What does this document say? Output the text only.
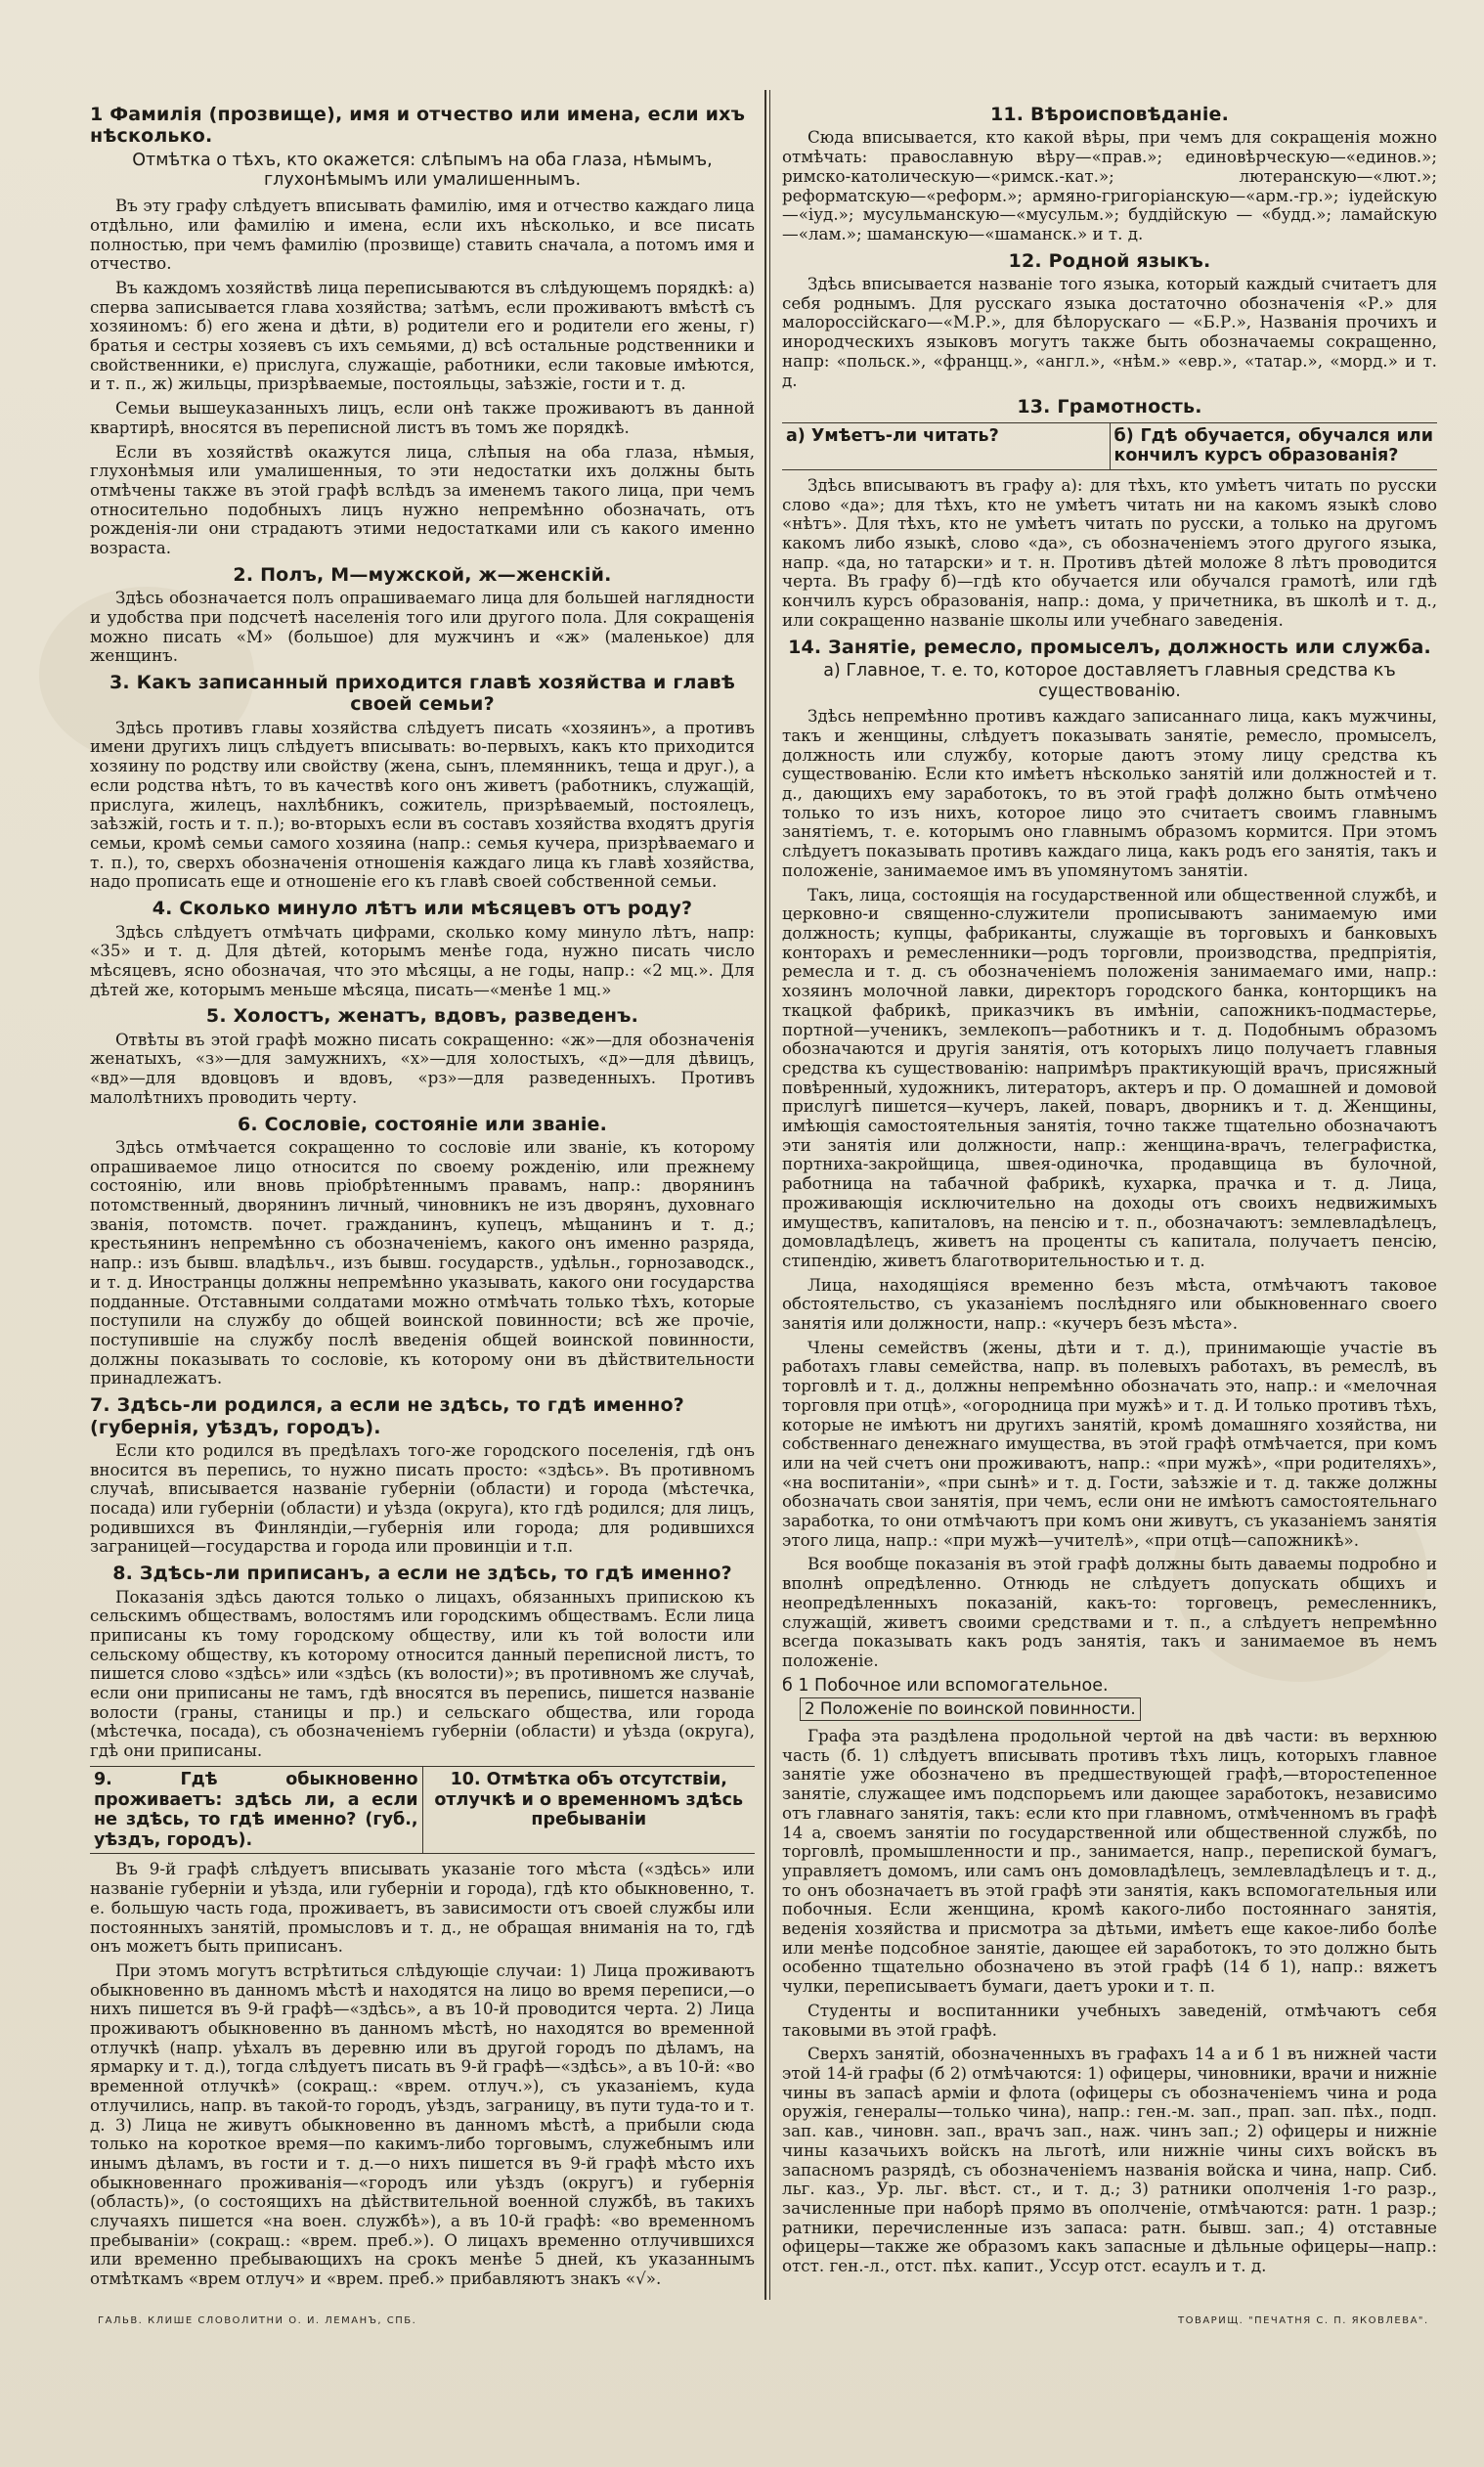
1 Фамилія (прозвище), имя и отчество или имена, если ихъ нѣсколько.
Отмѣтка о тѣхъ, кто окажется: слѣпымъ на оба глаза, нѣмымъ, глухонѣмымъ или умалишеннымъ.

Въ эту графу слѣдуетъ вписывать фамилію, имя и отчество каждаго лица отдѣльно, или фамилію и имена, если ихъ нѣсколько, и все писать полностью, при чемъ фамилію (прозвище) ставить сначала, а потомъ имя и отчество.

Въ каждомъ хозяйствѣ лица переписываются въ слѣдующемъ порядкѣ: а) сперва записывается глава хозяйства; затѣмъ, если проживаютъ вмѣстѣ съ хозяиномъ: б) его жена и дѣти, в) родители его и родители его жены, г) братья и сестры хозяевъ съ ихъ семьями, д) всѣ остальные родственники и свойственники, е) прислуга, служащіе, работники, если таковые имѣются, и т. п., ж) жильцы, призрѣваемые, постояльцы, заѣзжіе, гости и т. д.

Семьи вышеуказанныхъ лицъ, если онѣ также проживаютъ въ данной квартирѣ, вносятся въ переписной листъ въ томъ же порядкѣ.

Если въ хозяйствѣ окажутся лица, слѣпыя на оба глаза, нѣмыя, глухонѣмыя или умалишенныя, то эти недостатки ихъ должны быть отмѣчены также въ этой графѣ вслѣдъ за именемъ такого лица, при чемъ относительно подобныхъ лицъ нужно непремѣнно обозначать, отъ рожденія-ли они страдаютъ этими недостатками или съ какого именно возраста.

2. Полъ, М—мужской, ж—женскій.

Здѣсь обозначается полъ опрашиваемаго лица для большей наглядности и удобства при подсчетѣ населенія того или другого пола. Для сокращенія можно писать «М» (большое) для мужчинъ и «ж» (маленькое) для женщинъ.

3. Какъ записанный приходится главѣ хозяйства и главѣ своей семьи?

Здѣсь противъ главы хозяйства слѣдуетъ писать «хозяинъ», а противъ имени другихъ лицъ слѣдуетъ вписывать: во-первыхъ, какъ кто приходится хозяину по родству или свойству (жена, сынъ, племянникъ, теща и друг.), а если родства нѣтъ, то въ качествѣ кого онъ живетъ (работникъ, служащій, прислуга, жилецъ, нахлѣбникъ, сожитель, призрѣваемый, постоялецъ, заѣзжій, гость и т. п.); во-вторыхъ если въ составъ хозяйства входятъ другія семьи, кромѣ семьи самого хозяина (напр.: семья кучера, призрѣваемаго и т. п.), то, сверхъ обозначенія отношенія каждаго лица къ главѣ хозяйства, надо прописать еще и отношеніе его къ главѣ своей собственной семьи.

4. Сколько минуло лѣтъ или мѣсяцевъ отъ роду?

Здѣсь слѣдуетъ отмѣчать цифрами, сколько кому минуло лѣтъ, напр: «35» и т. д. Для дѣтей, которымъ менѣе года, нужно писать число мѣсяцевъ, ясно обозначая, что это мѣсяцы, а не годы, напр.: «2 мц.». Для дѣтей же, которымъ меньше мѣсяца, писать—«менѣе 1 мц.»

5. Холостъ, женатъ, вдовъ, разведенъ.

Отвѣты въ этой графѣ можно писать сокращенно: «ж»—для обозначенія женатыхъ, «з»—для замужнихъ, «х»—для холостыхъ, «д»—для дѣвицъ, «вд»—для вдовцовъ и вдовъ, «рз»—для разведенныхъ. Противъ малолѣтнихъ проводить черту.

6. Сословіе, состояніе или званіе.

Здѣсь отмѣчается сокращенно то сословіе или званіе, къ которому опрашиваемое лицо относится по своему рожденію, или прежнему состоянію, или вновь пріобрѣтеннымъ правамъ, напр.: дворянинъ потомственный, дворянинъ личный, чиновникъ не изъ дворянъ, духовнаго званія, потомств. почет. гражданинъ, купецъ, мѣщанинъ и т. д.; крестьянинъ непремѣнно съ обозначеніемъ, какого онъ именно разряда, напр.: изъ бывш. владѣльч., изъ бывш. государств., удѣльн., горнозаводск., и т. д. Иностранцы должны непремѣнно указывать, какого они государства подданные. Отставными солдатами можно отмѣчать только тѣхъ, которые поступили на службу до общей воинской повинности; всѣ же прочіе, поступившіе на службу послѣ введенія общей воинской повинности, должны показывать то сословіе, къ которому они въ дѣйствительности принадлежатъ.

7. Здѣсь-ли родился, а если не здѣсь, то гдѣ именно? (губернія, уѣздъ, городъ).

Если кто родился въ предѣлахъ того-же городского поселенія, гдѣ онъ вносится въ перепись, то нужно писать просто: «здѣсь». Въ противномъ случаѣ, вписывается названіе губерніи (области) и города (мѣстечка, посада) или губерніи (области) и уѣзда (округа), кто гдѣ родился; для лицъ, родившихся въ Финляндіи,—губернія или города; для родившихся заграницей—государства и города или провинціи и т.п.

8. Здѣсь-ли приписанъ, а если не здѣсь, то гдѣ именно?

Показанія здѣсь даются только о лицахъ, обязанныхъ припискою къ сельскимъ обществамъ, волостямъ или городскимъ обществамъ. Если лица приписаны къ тому городскому обществу, или къ той волости или сельскому обществу, къ которому относится данный переписной листъ, то пишется слово «здѣсь» или «здѣсь (къ волости)»; въ противномъ же случаѣ, если они приписаны не тамъ, гдѣ вносятся въ перепись, пишется названіе волости (граны, станицы и пр.) и сельскаго общества, или города (мѣстечка, посада), съ обозначеніемъ губерніи (области) и уѣзда (округа), гдѣ они приписаны.

9. Гдѣ обыкновенно проживаетъ: здѣсь ли, а если не здѣсь, то гдѣ именно? (губ., уѣздъ, городъ).
10. Отмѣтка объ отсутствіи, отлучкѣ и о временномъ здѣсь пребываніи

Въ 9-й графѣ слѣдуетъ вписывать указаніе того мѣста («здѣсь» или названіе губерніи и уѣзда, или губерніи и города), гдѣ кто обыкновенно, т. е. большую часть года, проживаетъ, въ зависимости отъ своей службы или постоянныхъ занятій, промысловъ и т. д., не обращая вниманія на то, гдѣ онъ можетъ быть приписанъ.

При этомъ могутъ встрѣтиться слѣдующіе случаи: 1) Лица проживаютъ обыкновенно въ данномъ мѣстѣ и находятся на лицо во время переписи,—о нихъ пишется въ 9-й графѣ—«здѣсь», а въ 10-й проводится черта. 2) Лица проживаютъ обыкновенно въ данномъ мѣстѣ, но находятся во временной отлучкѣ (напр. уѣхалъ въ деревню или въ другой городъ по дѣламъ, на ярмарку и т. д.), тогда слѣдуетъ писать въ 9-й графѣ—«здѣсь», а въ 10-й: «во временной отлучкѣ» (сокращ.: «врем. отлуч.»), съ указаніемъ, куда отлучились, напр. въ такой-то городъ, уѣздъ, заграницу, въ пути туда-то и т. д. 3) Лица не живутъ обыкновенно въ данномъ мѣстѣ, а прибыли сюда только на короткое время—по какимъ-либо торговымъ, служебнымъ или инымъ дѣламъ, въ гости и т. д.—о нихъ пишется въ 9-й графѣ мѣсто ихъ обыкновеннаго проживанія—«городъ или уѣздъ (округъ) и губернія (область)», (о состоящихъ на дѣйствительной военной службѣ, въ такихъ случаяхъ пишется «на воен. службѣ»), а въ 10-й графѣ: «во временномъ пребываніи» (сокращ.: «врем. преб.»). О лицахъ временно отлучившихся или временно пребывающихъ на срокъ менѣе 5 дней, къ указаннымъ отмѣткамъ «врем отлуч» и «врем. преб.» прибавляютъ знакъ «√».

11. Вѣроисповѣданіе.

Сюда вписывается, кто какой вѣры, при чемъ для сокращенія можно отмѣчать: православную вѣру—«прав.»; единовѣрческую—«единов.»; римско-католическую—«римск.-кат.»; лютеранскую—«лют.»; реформатскую—«реформ.»; армяно-григоріанскую—«арм.-гр.»; іудейскую—«іуд.»; мусульманскую—«мусульм.»; буддійскую — «будд.»; ламайскую—«лам.»; шаманскую—«шаманск.» и т. д.

12. Родной языкъ.

Здѣсь вписывается названіе того языка, который каждый считаетъ для себя роднымъ. Для русскаго языка достаточно обозначенія «Р.» для малороссійскаго—«М.Р.», для бѣлорускаго — «Б.Р.», Названія прочихъ и инородческихъ языковъ могутъ также быть обозначаемы сокращенно, напр: «польск.», «францц.», «англ.», «нѣм.» «евр.», «татар.», «морд.» и т. д.

13. Грамотность.
а) Умѣетъ-ли читать?	б) Гдѣ обучается, обучался или кончилъ курсъ образованія?

Здѣсь вписываютъ въ графу а): для тѣхъ, кто умѣетъ читать по русски слово «да»; для тѣхъ, кто не умѣетъ читать ни на какомъ языкѣ слово «нѣтъ». Для тѣхъ, кто не умѣетъ читать по русски, а только на другомъ какомъ либо языкѣ, слово «да», съ обозначеніемъ этого другого языка, напр. «да, но татарски» и т. н. Противъ дѣтей моложе 8 лѣтъ проводится черта. Въ графу б)—гдѣ кто обучается или обучался грамотѣ, или гдѣ кончилъ курсъ образованія, напр.: дома, у причетника, въ школѣ и т. д., или сокращенно названіе школы или учебнаго заведенія.

14. Занятіе, ремесло, промыселъ, должность или служба.
а) Главное, т. е. то, которое доставляетъ главныя средства къ существованію.

Здѣсь непремѣнно противъ каждаго записаннаго лица, какъ мужчины, такъ и женщины, слѣдуетъ показывать занятіе, ремесло, промыселъ, должность или службу, которые даютъ этому лицу средства къ существованію. Если кто имѣетъ нѣсколько занятій или должностей и т. д., дающихъ ему заработокъ, то въ этой графѣ должно быть отмѣчено только то изъ нихъ, которое лицо это считаетъ своимъ главнымъ занятіемъ, т. е. которымъ оно главнымъ образомъ кормится. При этомъ слѣдуетъ показывать противъ каждаго лица, какъ родъ его занятія, такъ и положеніе, занимаемое имъ въ упомянутомъ занятіи.

Такъ, лица, состоящія на государственной или общественной службѣ, и церковно-и священно-служители прописываютъ занимаемую ими должность; купцы, фабриканты, служащіе въ торговыхъ и банковыхъ конторахъ и ремесленники—родъ торговли, производства, предпріятія, ремесла и т. д. съ обозначеніемъ положенія занимаемаго ими, напр.: хозяинъ молочной лавки, директоръ городского банка, конторщикъ на ткацкой фабрикѣ, приказчикъ въ имѣніи, сапожникъ-подмастерье, портной—ученикъ, землекопъ—работникъ и т. д. Подобнымъ образомъ обозначаются и другія занятія, отъ которыхъ лицо получаетъ главныя средства къ существованію: напримѣръ практикующій врачъ, присяжный повѣренный, художникъ, литераторъ, актеръ и пр. О домашней и домовой прислугѣ пишется—кучеръ, лакей, поваръ, дворникъ и т. д. Женщины, имѣющія самостоятельныя занятія, точно также тщательно обозначаютъ эти занятія или должности, напр.: женщина-врачъ, телеграфистка, портниха-закройщица, швея-одиночка, продавщица въ булочной, работница на табачной фабрикѣ, кухарка, прачка и т. д. Лица, проживающія исключительно на доходы отъ своихъ недвижимыхъ имуществъ, капиталовъ, на пенсію и т. п., обозначаютъ: землевладѣлецъ, домовладѣлецъ, живетъ на проценты съ капитала, получаетъ пенсію, стипендію, живетъ благотворительностью и т. д.

Лица, находящіяся временно безъ мѣста, отмѣчаютъ таковое обстоятельство, съ указаніемъ послѣдняго или обыкновеннаго своего занятія или должности, напр.: «кучеръ безъ мѣста».

Члены семействъ (жены, дѣти и т. д.), принимающіе участіе въ работахъ главы семейства, напр. въ полевыхъ работахъ, въ ремеслѣ, въ торговлѣ и т. д., должны непремѣнно обозначать это, напр.: и «мелочная торговля при отцѣ», «огородница при мужѣ» и т. д. И только противъ тѣхъ, которые не имѣютъ ни другихъ занятій, кромѣ домашняго хозяйства, ни собственнаго денежнаго имущества, въ этой графѣ отмѣчается, при комъ или на чей счетъ они проживаютъ, напр.: «при мужѣ», «при родителяхъ», «на воспитаніи», «при сынѣ» и т. д. Гости, заѣзжіе и т. д. также должны обозначать свои занятія, при чемъ, если они не имѣютъ самостоятельнаго заработка, то они отмѣчаютъ при комъ они живутъ, съ указаніемъ занятія этого лица, напр.: «при мужѣ—учителѣ», «при отцѣ—сапожникѣ».

Вся вообще показанія въ этой графѣ должны быть даваемы подробно и вполнѣ опредѣленно. Отнюдь не слѣдуетъ допускать общихъ и неопредѣленныхъ показаній, какъ-то: торговецъ, ремесленникъ, служащій, живетъ своими средствами и т. п., а слѣдуетъ непремѣнно всегда показывать какъ родъ занятія, такъ и занимаемое въ немъ положеніе.

б 1 Побочное или вспомогательное.
2 Положеніе по воинской повинности.

Графа эта раздѣлена продольной чертой на двѣ части: въ верхнюю часть (б. 1) слѣдуетъ вписывать противъ тѣхъ лицъ, которыхъ главное занятіе уже обозначено въ предшествующей графѣ,—второстепенное занятіе, служащее имъ подспорьемъ или дающее заработокъ, независимо отъ главнаго занятія, такъ: если кто при главномъ, отмѣченномъ въ графѣ 14 а, своемъ занятіи по государственной или общественной службѣ, по торговлѣ, промышленности и пр., занимается, напр., перепиской бумагъ, управляетъ домомъ, или самъ онъ домовладѣлецъ, землевладѣлецъ и т. д., то онъ обозначаетъ въ этой графѣ эти занятія, какъ вспомогательныя или побочныя. Если женщина, кромѣ какого-либо постояннаго занятія, веденія хозяйства и присмотра за дѣтьми, имѣетъ еще какое-либо болѣе или менѣе подсобное занятіе, дающее ей заработокъ, то это должно быть особенно тщательно обозначено въ этой графѣ (14 б 1), напр.: вяжетъ чулки, переписываетъ бумаги, даетъ уроки и т. п.

Студенты и воспитанники учебныхъ заведеній, отмѣчаютъ себя таковыми въ этой графѣ.

Сверхъ занятій, обозначенныхъ въ графахъ 14 а и б 1 въ нижней части этой 14-й графы (б 2) отмѣчаются: 1) офицеры, чиновники, врачи и нижніе чины въ запасѣ арміи и флота (офицеры съ обозначеніемъ чина и рода оружія, генералы—только чина), напр.: ген.-м. зап., прап. зап. пѣх., подп. зап. кав., чиновн. зап., врачъ зап., наж. чинъ зап.; 2) офицеры и нижніе чины казачьихъ войскъ на льготѣ, или нижніе чины сихъ войскъ въ запасномъ разрядѣ, съ обозначеніемъ названія войска и чина, напр. Сиб. льг. каз., Ур. льг. вѣст. ст., и т. д.; 3) ратники ополченія 1-го разр., зачисленные при наборѣ прямо въ ополченіе, отмѣчаются: ратн. 1 разр.; ратники, перечисленные изъ запаса: ратн. бывш. зап.; 4) отставные офицеры—также же образомъ какъ запасные и дѣльные офицеры—напр.: отст. ген.-л., отст. пѣх. капит., Уссур отст. есаулъ и т. д.

ГАЛЬВ. КЛИШЕ СЛОВОЛИТНИ О. И. ЛЕМАНЪ, СПБ.	ТОВАРИЩ. "ПЕЧАТНЯ С. П. ЯКОВЛЕВА".
